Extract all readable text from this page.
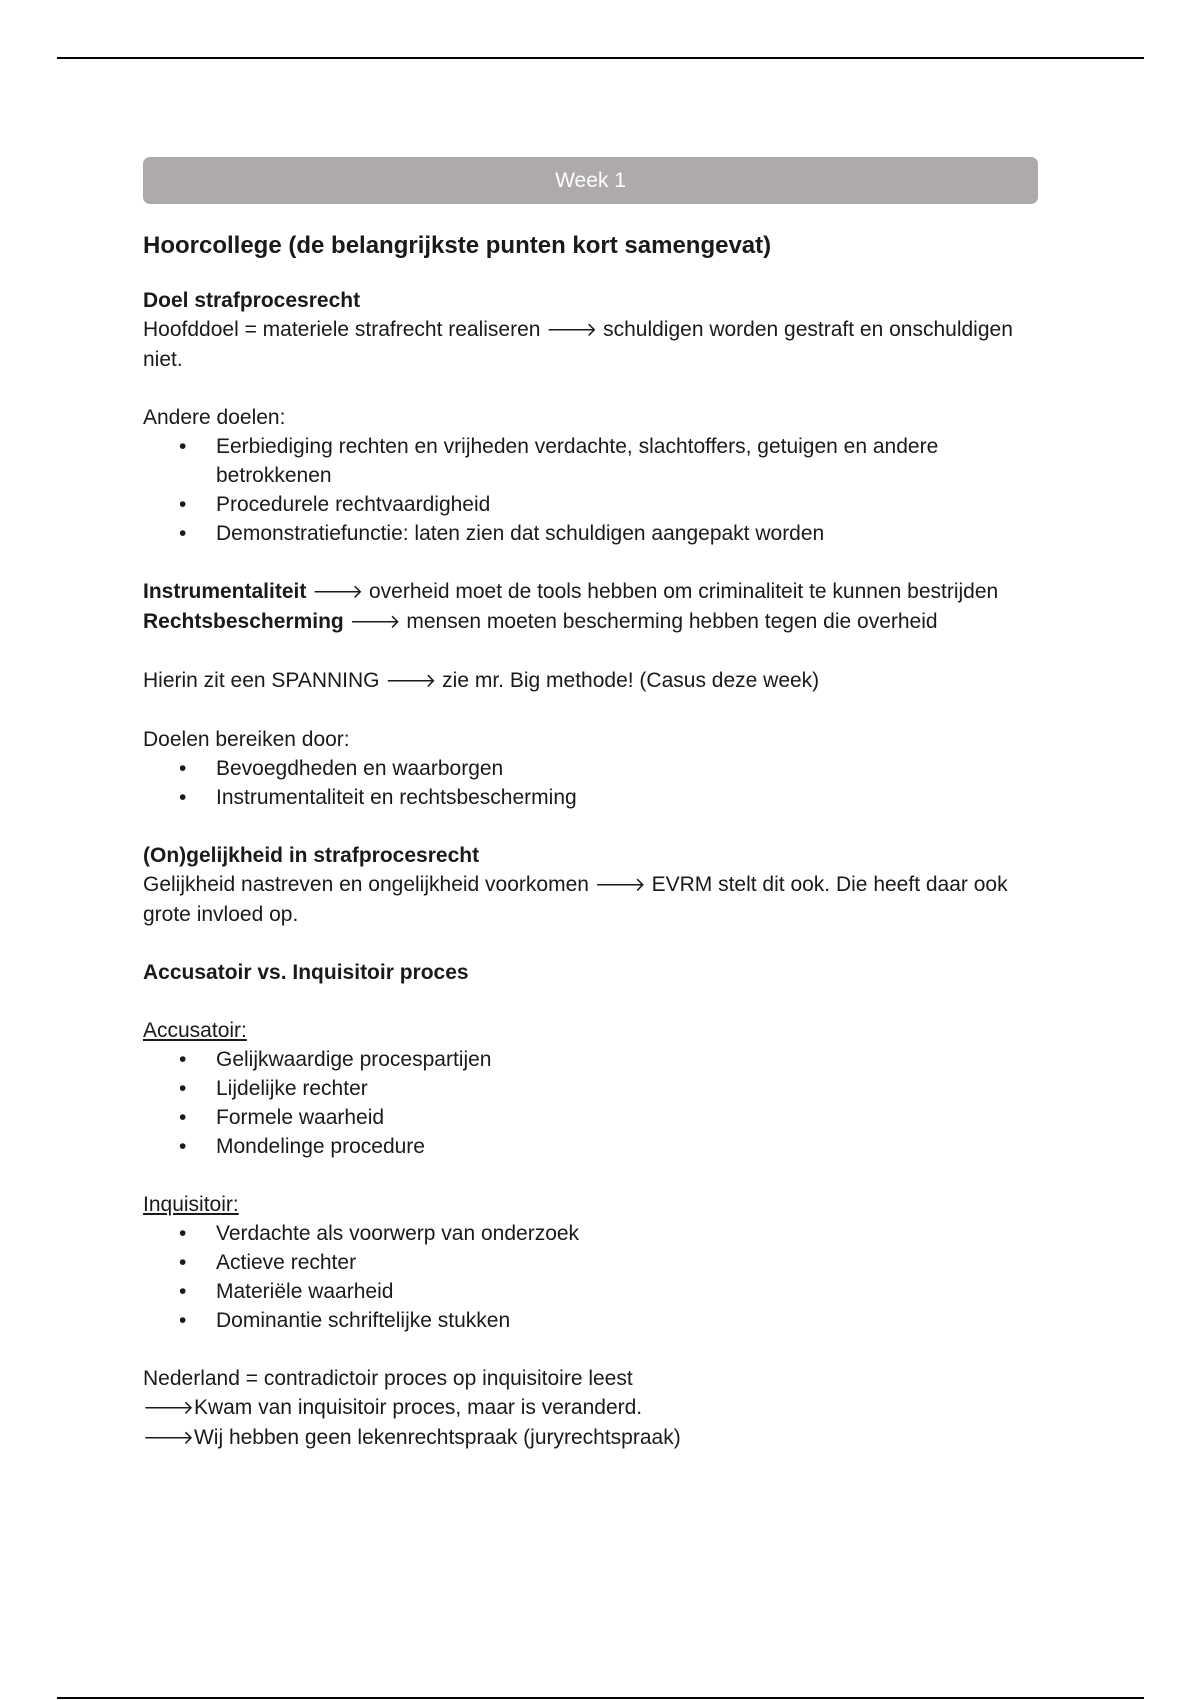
Week 1
Hoorcollege (de belangrijkste punten kort samengevat)

Doel strafprocesrecht

Hoofddoel = materiele strafrecht realiseren 🡒 schuldigen worden gestraft en onschuldigen niet.

Andere doelen:

• Eerbiediging rechten en vrijheden verdachte, slachtoffers, getuigen en andere betrokkenen
• Procedurele rechtvaardigheid
• Demonstratiefunctie: laten zien dat schuldigen aangepakt worden

Instrumentaliteit 🡒 overheid moet de tools hebben om criminaliteit te kunnen bestrijden

Rechtsbescherming 🡒 mensen moeten bescherming hebben tegen die overheid

Hierin zit een SPANNING 🡒 zie mr. Big methode! (Casus deze week)

Doelen bereiken door:

• Bevoegdheden en waarborgen
• Instrumentaliteit en rechtsbescherming

(On)gelijkheid in strafprocesrecht

Gelijkheid nastreven en ongelijkheid voorkomen 🡒 EVRM stelt dit ook. Die heeft daar ook grote invloed op.

Accusatoir vs. Inquisitoir proces

Accusatoir:

• Gelijkwaardige procespartijen
• Lijdelijke rechter
• Formele waarheid
• Mondelinge procedure

Inquisitoir:

• Verdachte als voorwerp van onderzoek
• Actieve rechter
• Materiële waarheid
• Dominantie schriftelijke stukken

Nederland = contradictoir proces op inquisitoire leest

🡒Kwam van inquisitoir proces, maar is veranderd.

🡒Wij hebben geen lekenrechtspraak (juryrechtspraak)
